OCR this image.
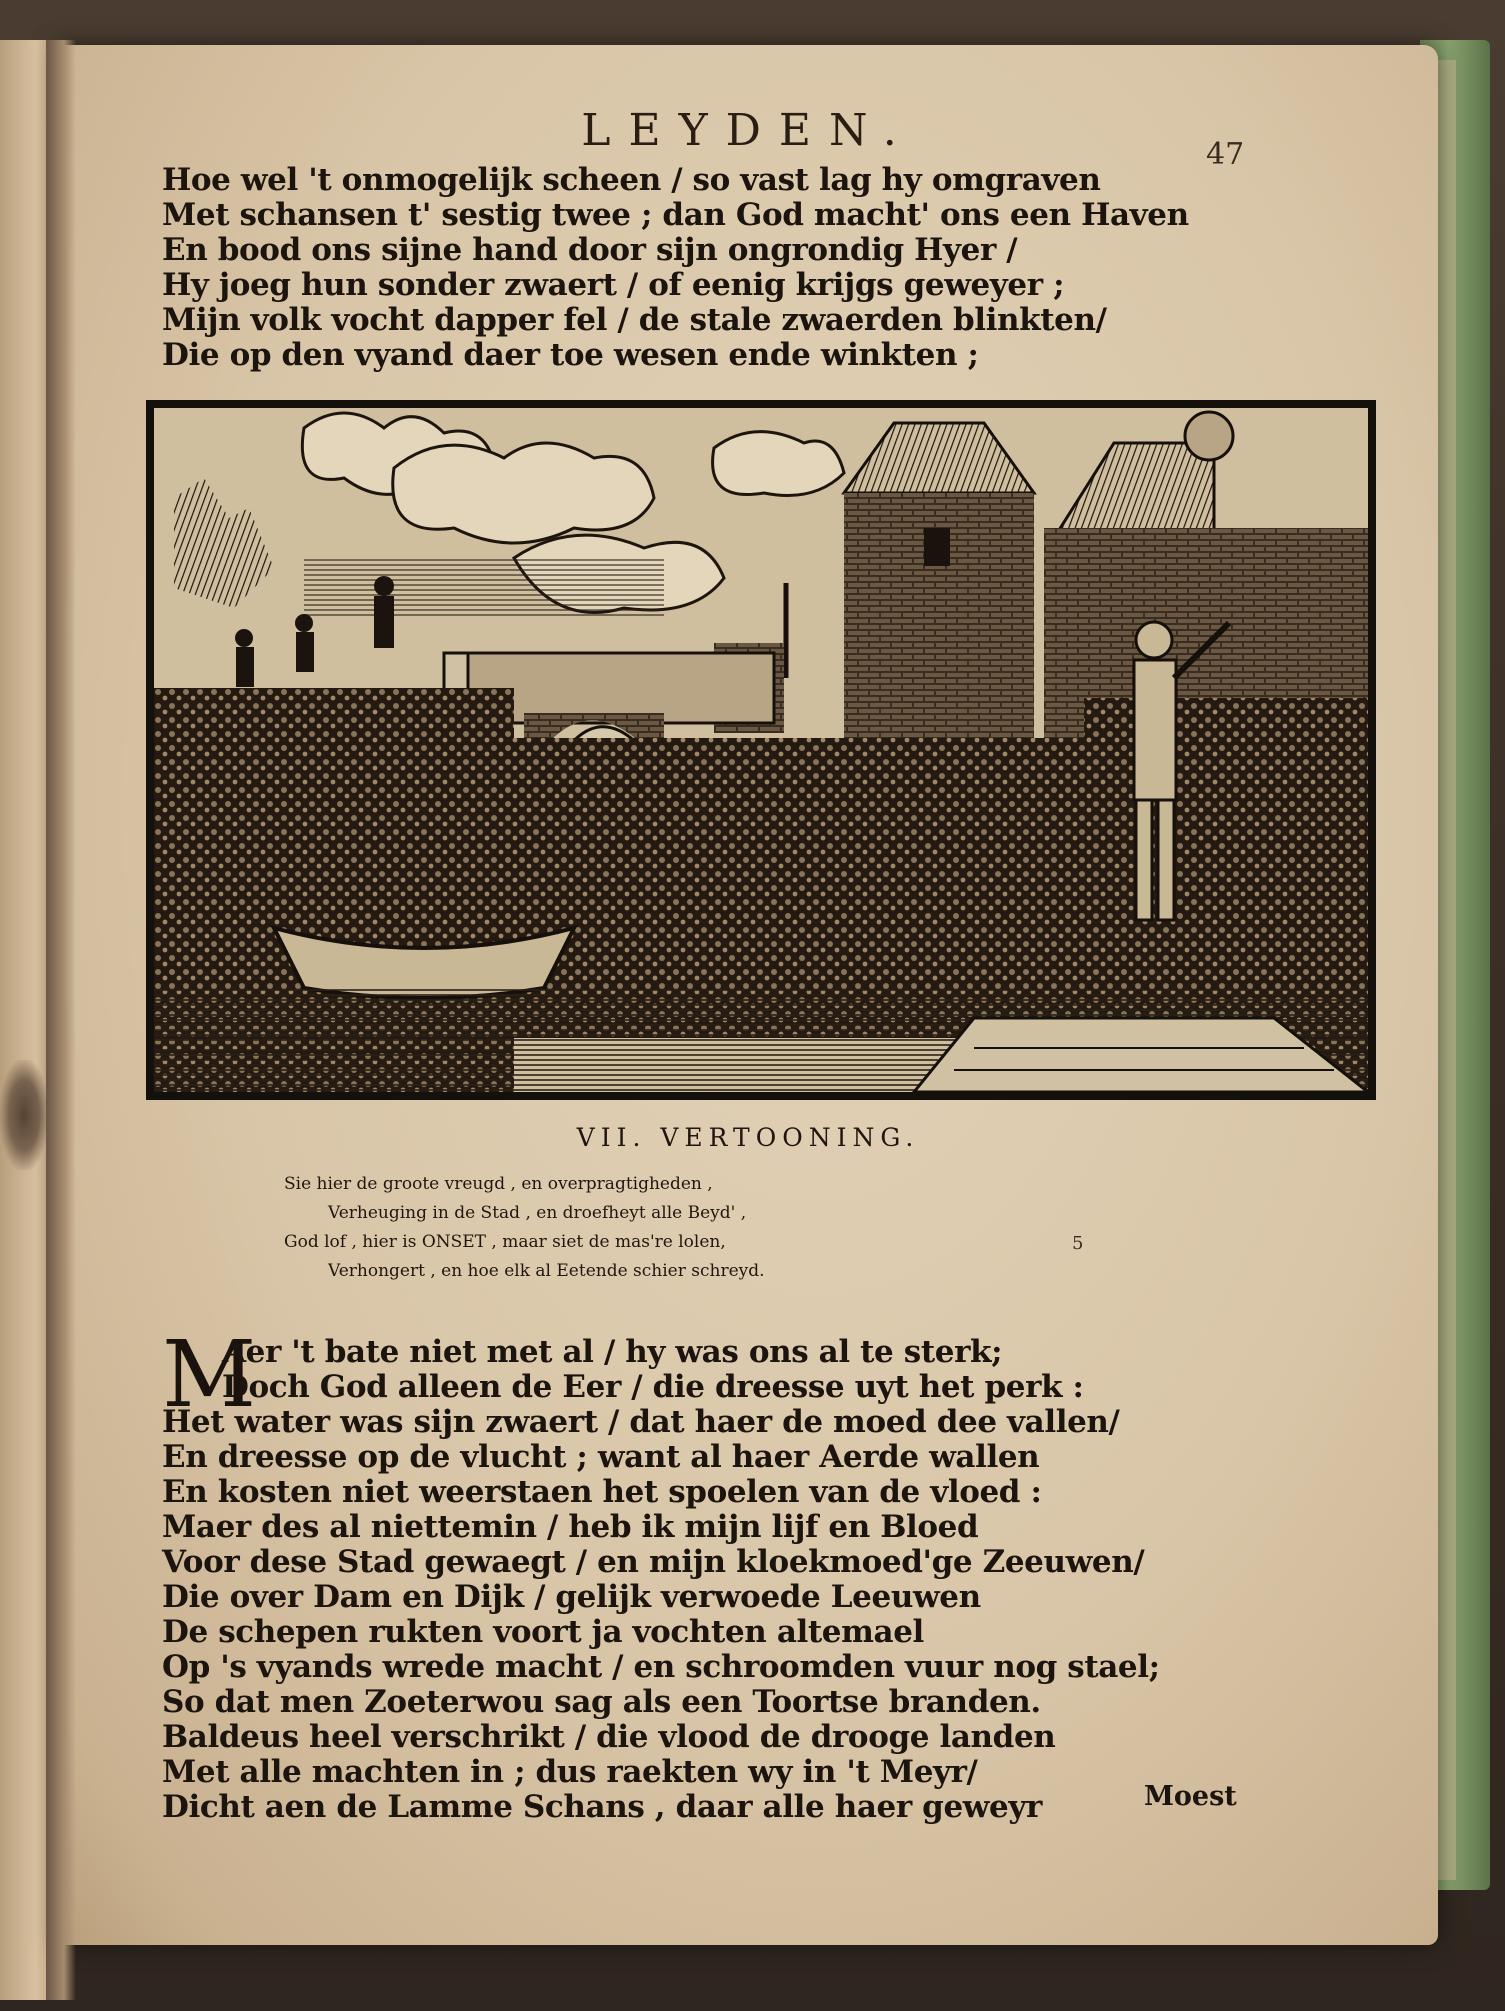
LEYDEN.	47
Hoe wel 't onmogelijk scheen / so vast lag hy omgraven
Met schansen t' sestig twee ; dan God macht' ons een Haven
En bood ons sijne hand door sijn ongrondig Hyer /
Hy joeg hun sonder zwaert / of eenig krijgs geweyer ;
Mijn volk vocht dapper fel / de stale zwaerden blinkten/
Die op den vyand daer toe wesen ende winkten ;
VII. VERTOONING.
Sie hier de groote vreugd , en overpragtigheden ,
Verheuging in de Stad , en droefheyt alle Beyd' ,
God lof , hier is ONSET , maar siet de mas're lolen,
Verhongert , en hoe elk al Eetende schier schreyd.
5
M
Aer 't bate niet met al / hy was ons al te sterk;
Doch God alleen de Eer / die dreesse uyt het perk :
Het water was sijn zwaert / dat haer de moed dee vallen/
En dreesse op de vlucht ; want al haer Aerde wallen
En kosten niet weerstaen het spoelen van de vloed :
Maer des al niettemin / heb ik mijn lijf en Bloed
Voor dese Stad gewaegt / en mijn kloekmoed'ge Zeeuwen/
Die over Dam en Dijk / gelijk verwoede Leeuwen
De schepen rukten voort ja vochten altemael
Op 's vyands wrede macht / en schroomden vuur nog stael;
So dat men Zoeterwou sag als een Toortse branden.
Baldeus heel verschrikt / die vlood de drooge landen
Met alle machten in ; dus raekten wy in 't Meyr/
Dicht aen de Lamme Schans , daar alle haer geweyr	Moest
